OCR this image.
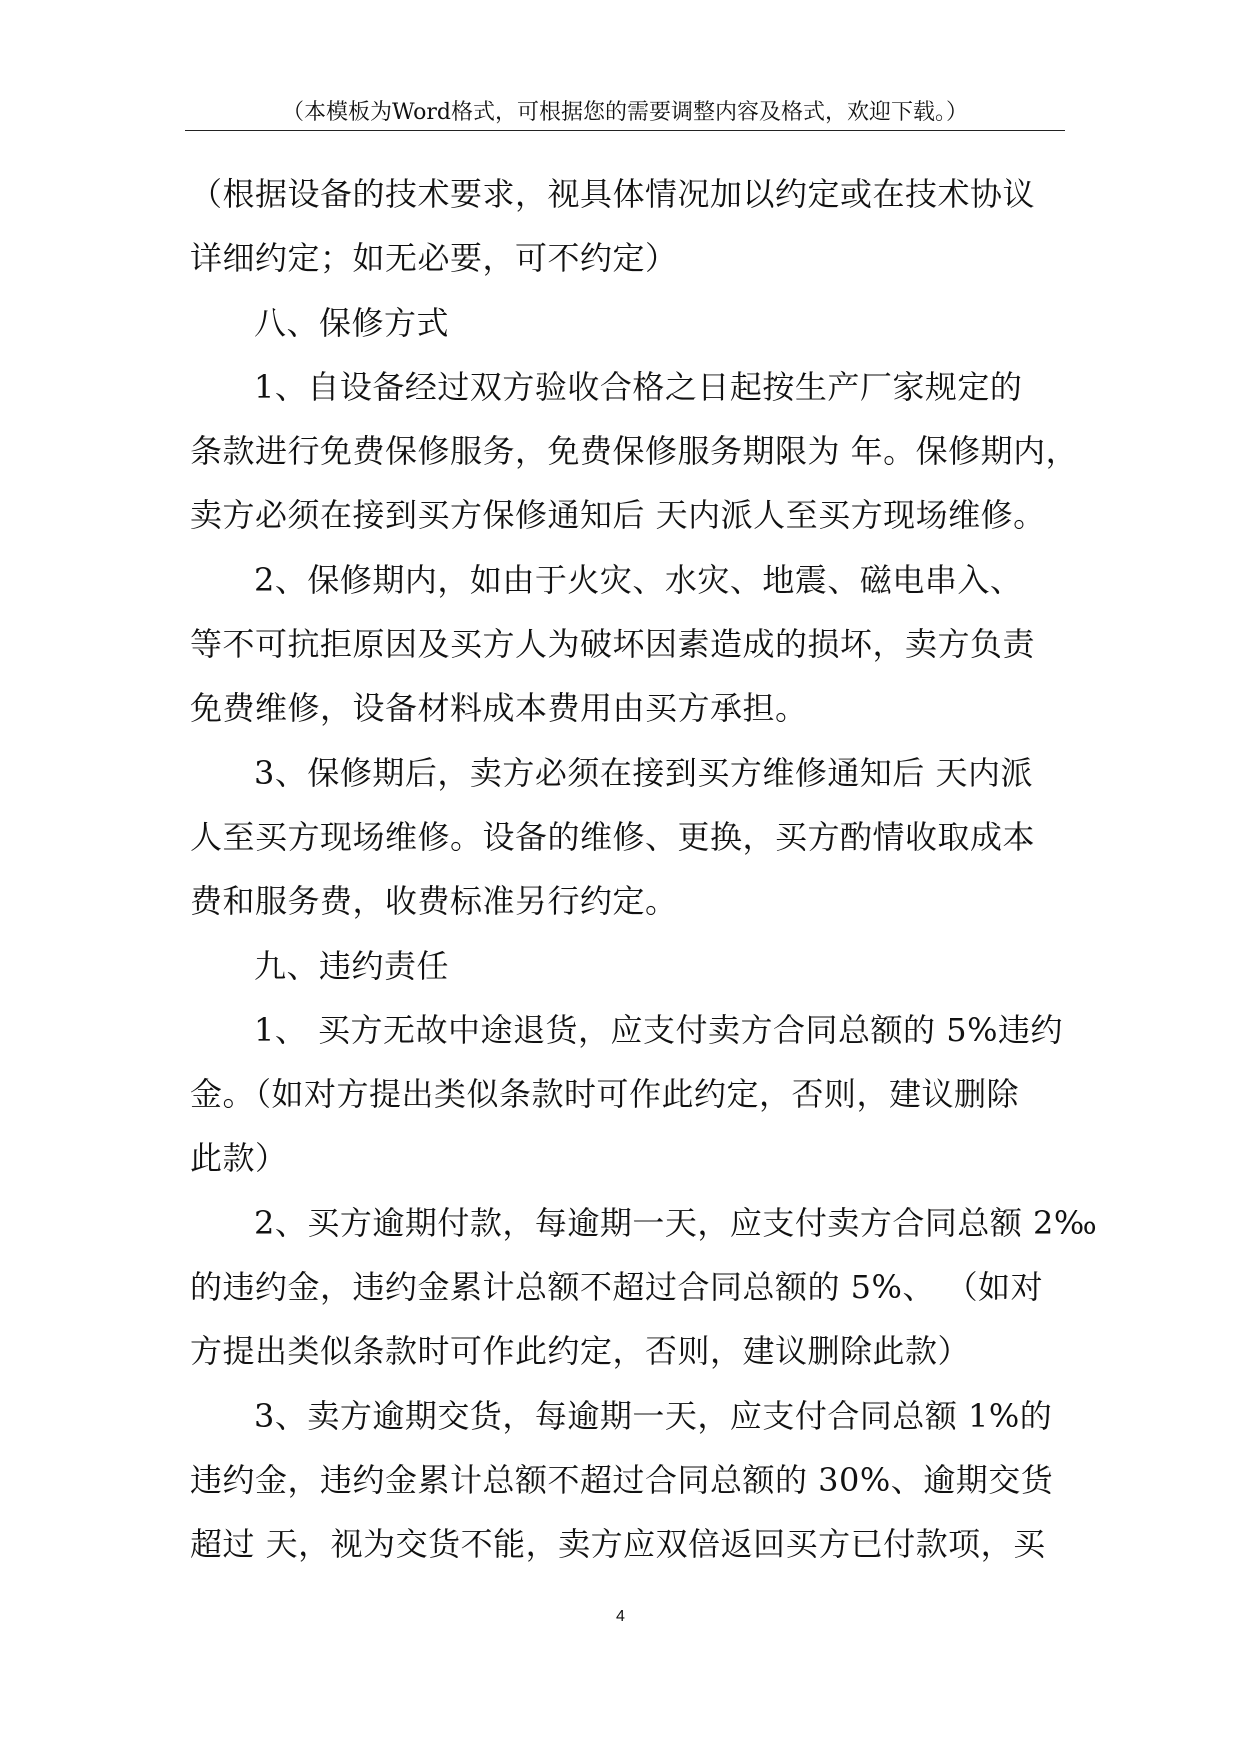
（本模板为Word格式，可根据您的需要调整内容及格式，欢迎下载。）
（根据设备的技术要求，视具体情况加以约定或在技术协议
详细约定；如无必要，可不约定）
八、保修方式
1、自设备经过双方验收合格之日起按生产厂家规定的
条款进行免费保修服务，免费保修服务期限为 年。保修期内，
卖方必须在接到买方保修通知后 天内派人至买方现场维修。
2、保修期内，如由于火灾、水灾、地震、磁电串入、
等不可抗拒原因及买方人为破坏因素造成的损坏，卖方负责
免费维修，设备材料成本费用由买方承担。
3、保修期后，卖方必须在接到买方维修通知后 天内派
人至买方现场维修。设备的维修、更换，买方酌情收取成本
费和服务费，收费标准另行约定。
九、违约责任
1、 买方无故中途退货，应支付卖方合同总额的 5%违约
金。（如对方提出类似条款时可作此约定，否则，建议删除
此款）
2、买方逾期付款，每逾期一天，应支付卖方合同总额 2‰
的违约金，违约金累计总额不超过合同总额的 5%、 （如对
方提出类似条款时可作此约定，否则，建议删除此款）
3、卖方逾期交货，每逾期一天，应支付合同总额 1%的
违约金，违约金累计总额不超过合同总额的 30%、逾期交货
超过 天，视为交货不能，卖方应双倍返回买方已付款项，买
4
